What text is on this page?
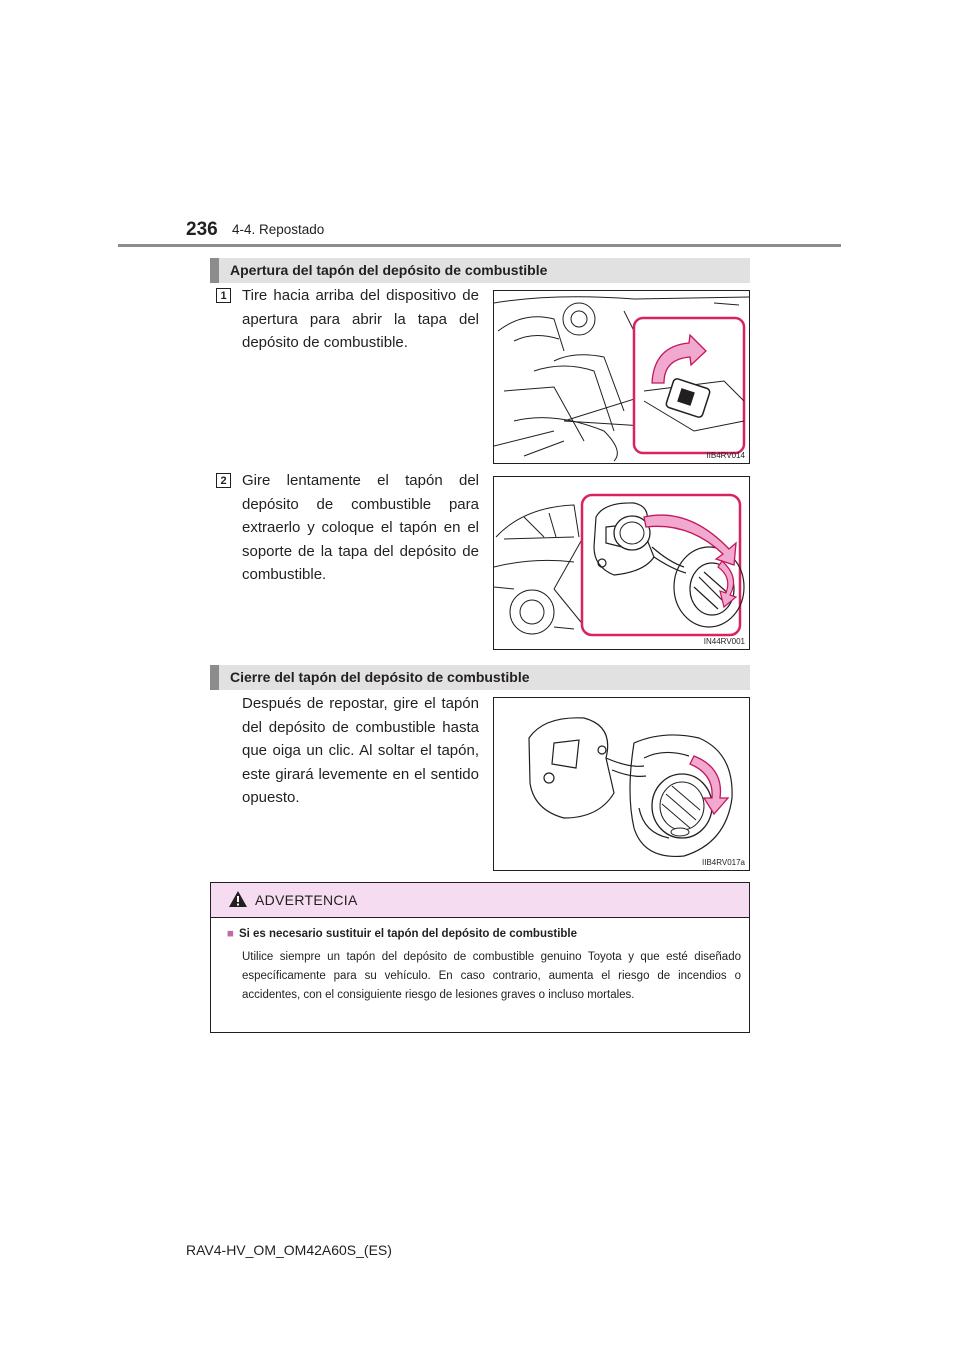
236 4-4. Repostado
Apertura del tapón del depósito de combustible
1 Tire hacia arriba del dispositivo de apertura para abrir la tapa del depósito de combustible.
IIB4RV014
2 Gire lentamente el tapón del depósito de combustible para extraerlo y coloque el tapón en el soporte de la tapa del depósito de combustible.
IN44RV001
Cierre del tapón del depósito de combustible
Después de repostar, gire el tapón del depósito de combustible hasta que oiga un clic. Al soltar el tapón, este girará levemente en el sentido opuesto.
IIB4RV017a
ADVERTENCIA
■ Si es necesario sustituir el tapón del depósito de combustible
Utilice siempre un tapón del depósito de combustible genuino Toyota y que esté diseñado específicamente para su vehículo. En caso contrario, aumenta el riesgo de incendios o accidentes, con el consiguiente riesgo de lesiones graves o incluso mortales.
RAV4-HV_OM_OM42A60S_(ES)
